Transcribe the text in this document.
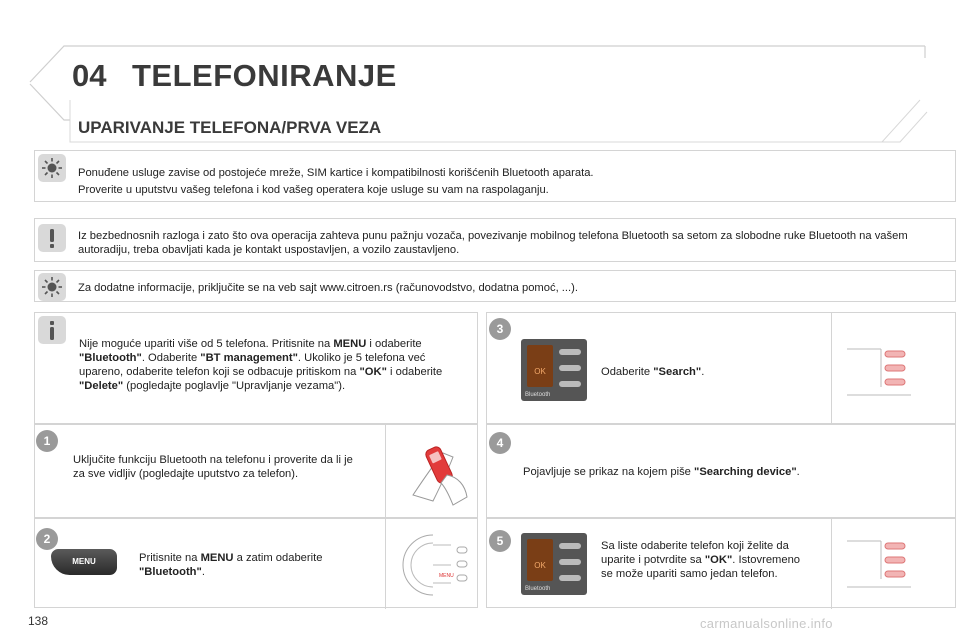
04 TELEFONIRANJE
UPARIVANJE TELEFONA/PRVA VEZA
Ponuđene usluge zavise od postojeće mreže, SIM kartice i kompatibilnosti korišćenih Bluetooth aparata.
Proverite u uputstvu vašeg telefona i kod vašeg operatera koje usluge su vam na raspolaganju.
Iz bezbednosnih razloga i zato što ova operacija zahteva punu pažnju vozača, povezivanje mobilnog telefona Bluetooth sa setom za slobodne ruke Bluetooth na vašem autoradiju, treba obavljati kada je kontakt uspostavljen, a vozilo zaustavljeno.
Za dodatne informacije, priključite se na veb sajt www.citroen.rs (računovodstvo, dodatna pomoć, ...).
Nije moguće upariti više od 5 telefona. Pritisnite na MENU i odaberite "Bluetooth". Odaberite "BT management". Ukoliko je 5 telefona već upareno, odaberite telefon koji se odbacuje pritiskom na "OK" i odaberite "Delete" (pogledajte poglavlje "Upravljanje vezama").
Uključite funkciju Bluetooth na telefonu i proverite da li je za sve vidljiv (pogledajte uputstvo za telefon).
MENU	Pritisnite na MENU a zatim odaberite "Bluetooth".	MENU
OK
Bluetooth
Odaberite "Search".
Pojavljuje se prikaz na kojem piše "Searching device".
OK
Bluetooth
Sa liste odaberite telefon koji želite da uparite i potvrdite sa "OK". Istovremeno se može upariti samo jedan telefon.
1
2
3
4
5
138	carmanualsonline.info
